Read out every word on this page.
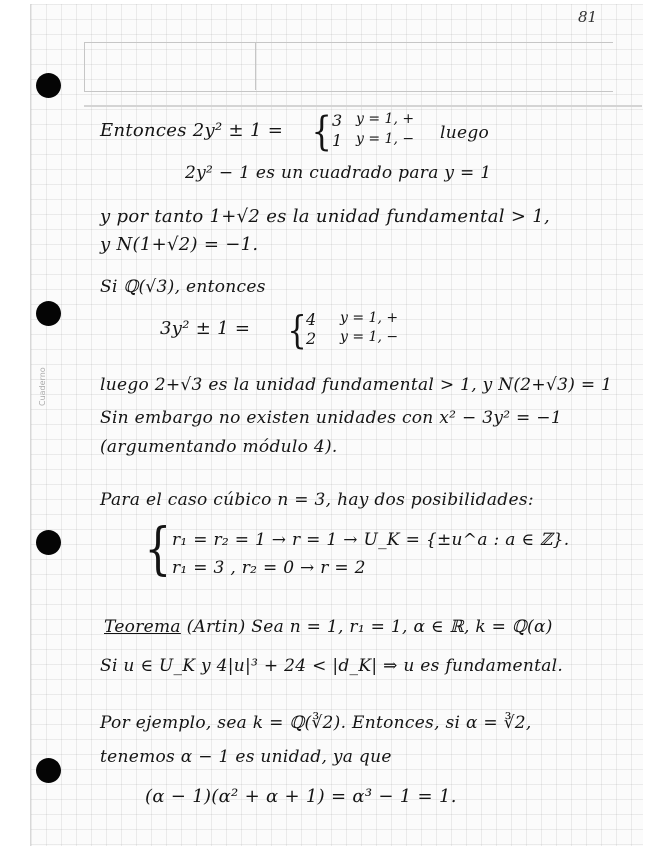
81
Cuaderno
Entonces 2y² ± 1 = { 3 y = 1, +
1 y = 1, − luego
2y² − 1 es un cuadrado para y = 1
y por tanto 1+√2 es la unidad fundamental > 1,
y N(1+√2) = −1.
Si ℚ(√3), entonces
3y² ± 1 = { 4 y = 1, +
2 y = 1, −
luego 2+√3 es la unidad fundamental > 1, y N(2+√3) = 1
Sin embargo no existen unidades con x² − 3y² = −1
(argumentando módulo 4).
Para el caso cúbico n = 3, hay dos posibilidades:
{ r₁ = r₂ = 1 → r = 1 → U_K = {±u^a : a ∈ ℤ}.
r₁ = 3 , r₂ = 0 → r = 2
Teorema (Artin) Sea n = 1, r₁ = 1, α ∈ ℝ, k = ℚ(α)
Si u ∈ U_K y 4|u|³ + 24 < |d_K| ⇒ u es fundamental.
Por ejemplo, sea k = ℚ(∛2). Entonces, si α = ∛2,
tenemos α − 1 es unidad, ya que
(α − 1)(α² + α + 1) = α³ − 1 = 1.
